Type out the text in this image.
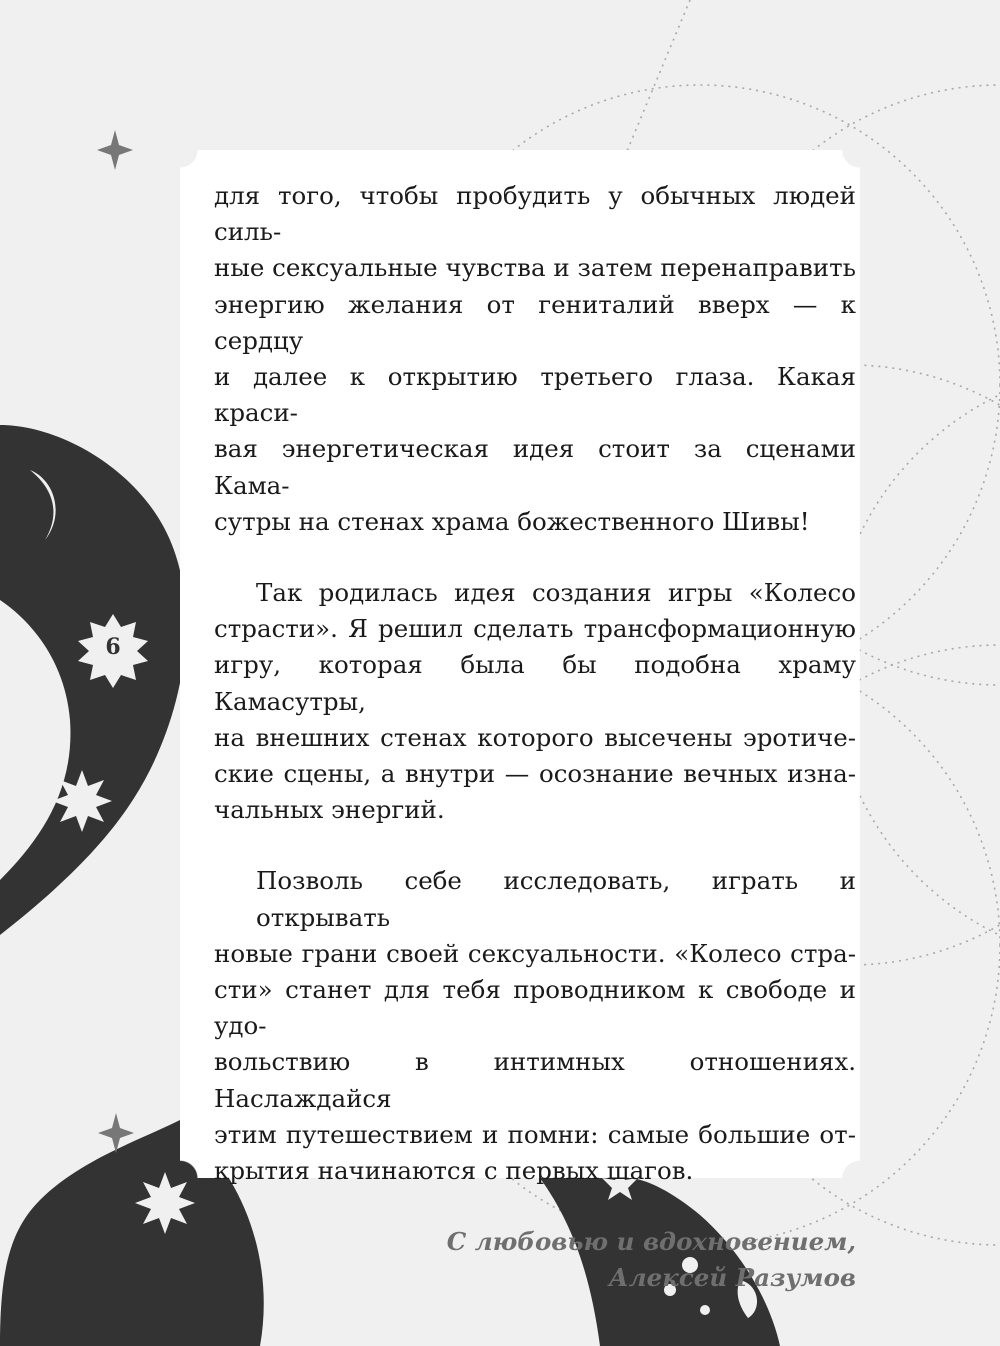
6
для того, чтобы пробудить у обычных людей силь-
ные сексуальные чувства и затем перенаправить
энергию желания от гениталий вверх — к сердцу
и далее к открытию третьего глаза. Какая краси-
вая энергетическая идея стоит за сценами Кама-
сутры на стенах храма божественного Шивы!
Так родилась идея создания игры «Колесо
страсти». Я решил сделать трансформационную
игру, которая была бы подобна храму Камасутры,
на внешних стенах которого высечены эротиче-
ские сцены, а внутри — осознание вечных изна-
чальных энергий.
Позволь себе исследовать, играть и открывать
новые грани своей сексуальности. «Колесо стра-
сти» станет для тебя проводником к свободе и удо-
вольствию в интимных отношениях. Наслаждайся
этим путешествием и помни: самые большие от-
крытия начинаются с первых шагов.
С любовью и вдохновением,
Алексей Разумов
